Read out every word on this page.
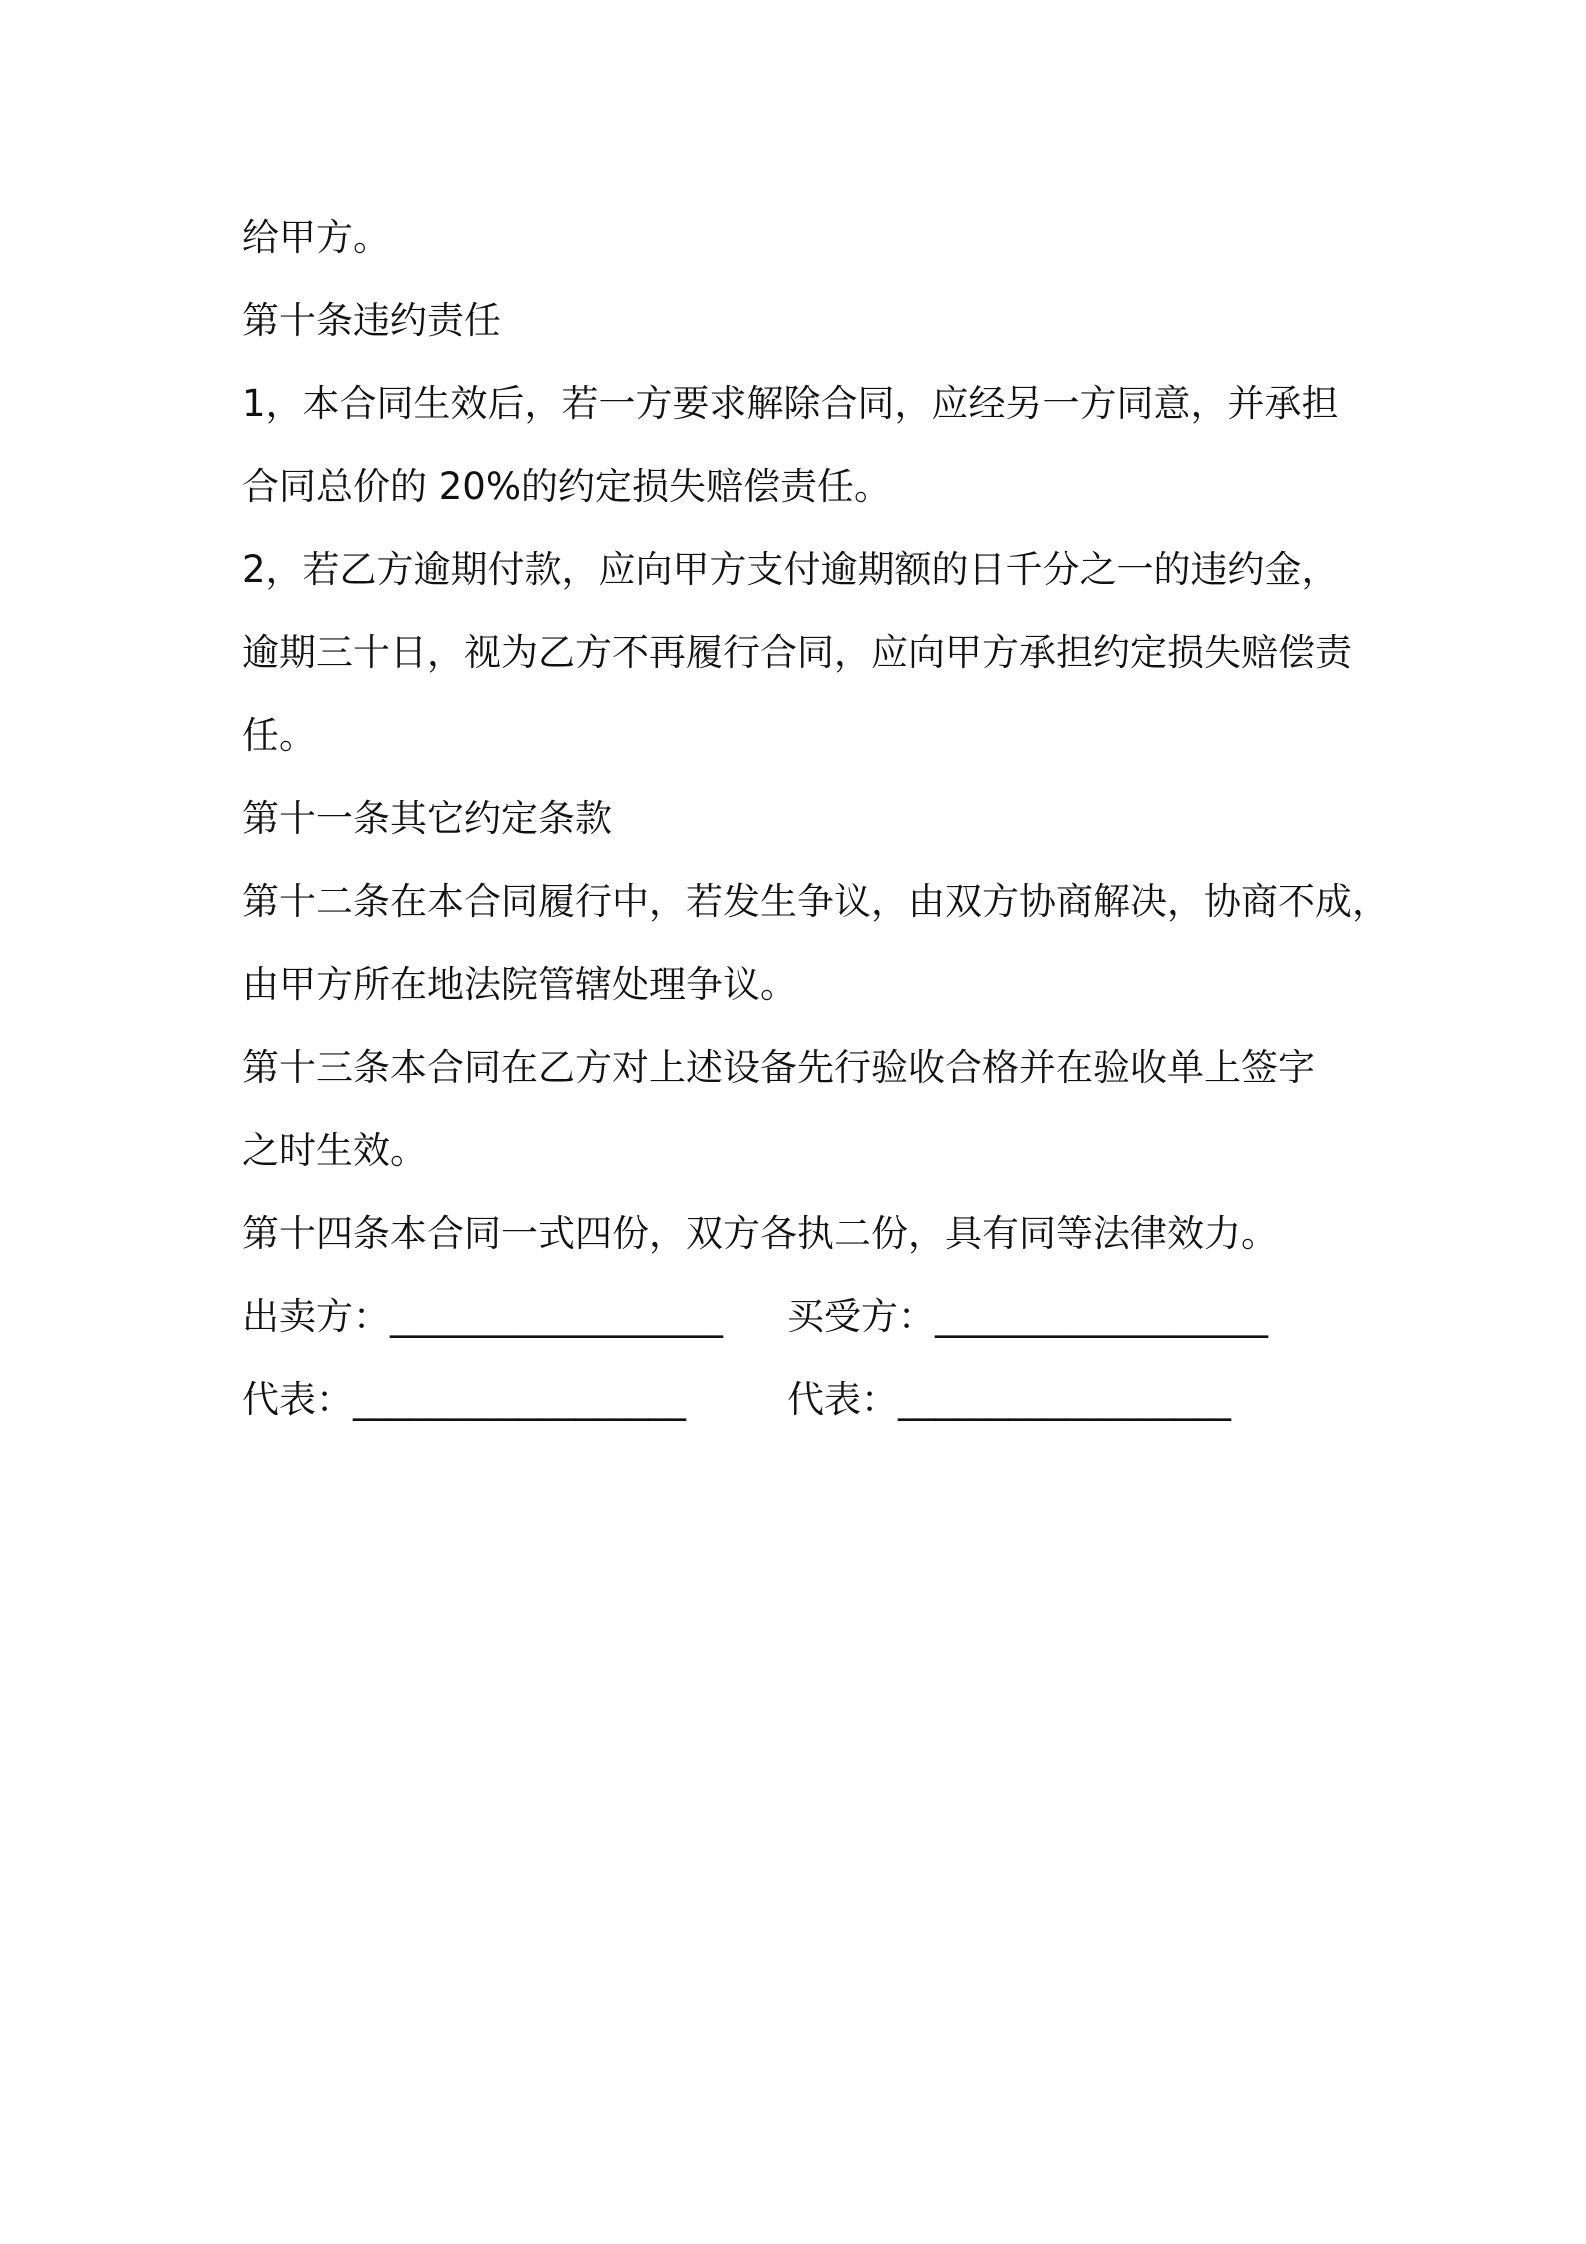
给甲方。
第十条违约责任
1，本合同生效后，若一方要求解除合同，应经另一方同意，并承担
合同总价的 20%的约定损失赔偿责任。
2，若乙方逾期付款，应向甲方支付逾期额的日千分之一的违约金，
逾期三十日，视为乙方不再履行合同，应向甲方承担约定损失赔偿责
任。
第十一条其它约定条款
第十二条在本合同履行中，若发生争议，由双方协商解决，协商不成，
由甲方所在地法院管辖处理争议。
第十三条本合同在乙方对上述设备先行验收合格并在验收单上签字
之时生效。
第十四条本合同一式四份，双方各执二份，具有同等法律效力。
出卖方：__________________ 买受方：__________________
代表：__________________	代表：__________________
